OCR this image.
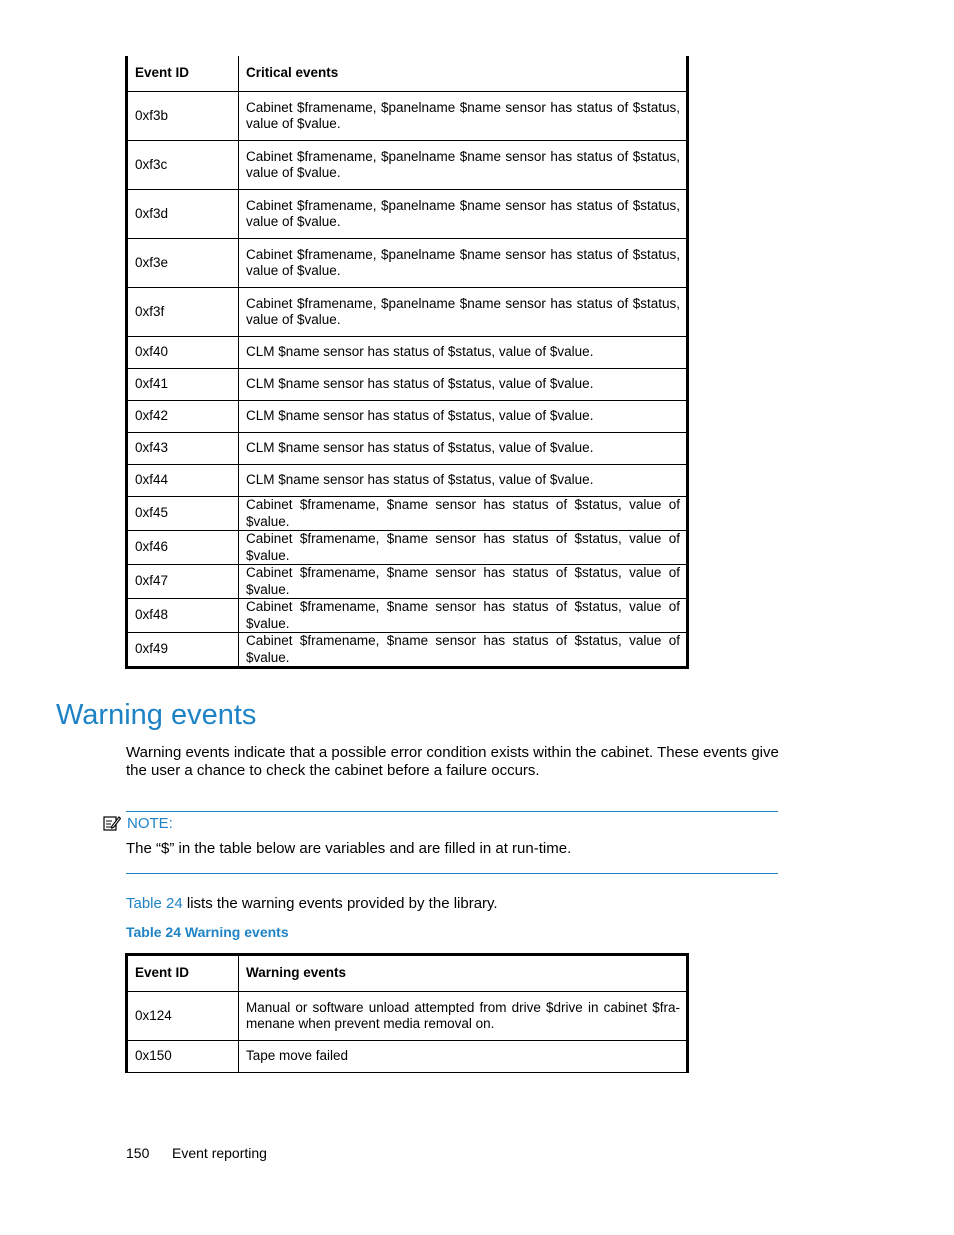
Event ID	Critical events
0xf3b	Cabinet $framename, $panelname $name sensor has status of $status, value of $value.
0xf3c	Cabinet $framename, $panelname $name sensor has status of $status, value of $value.
0xf3d	Cabinet $framename, $panelname $name sensor has status of $status, value of $value.
0xf3e	Cabinet $framename, $panelname $name sensor has status of $status, value of $value.
0xf3f	Cabinet $framename, $panelname $name sensor has status of $status, value of $value.
0xf40	CLM $name sensor has status of $status, value of $value.
0xf41	CLM $name sensor has status of $status, value of $value.
0xf42	CLM $name sensor has status of $status, value of $value.
0xf43	CLM $name sensor has status of $status, value of $value.
0xf44	CLM $name sensor has status of $status, value of $value.
0xf45	Cabinet $framename, $name sensor has status of $status, value of $value.
0xf46	Cabinet $framename, $name sensor has status of $status, value of $value.
0xf47	Cabinet $framename, $name sensor has status of $status, value of $value.
0xf48	Cabinet $framename, $name sensor has status of $status, value of $value.
0xf49	Cabinet $framename, $name sensor has status of $status, value of $value.
Warning events

Warning events indicate that a possible error condition exists within the cabinet. These events give the user a chance to check the cabinet before a failure occurs.

NOTE:

The “$” in the table below are variables and are filled in at run-time.

Table 24 lists the warning events provided by the library.

Table 24 Warning events
Event ID	Warning events
0x124	Manual or software unload attempted from drive $drive in cabinet $fra-menane when prevent media removal on.
0x150	Tape move failed
150 Event reporting
